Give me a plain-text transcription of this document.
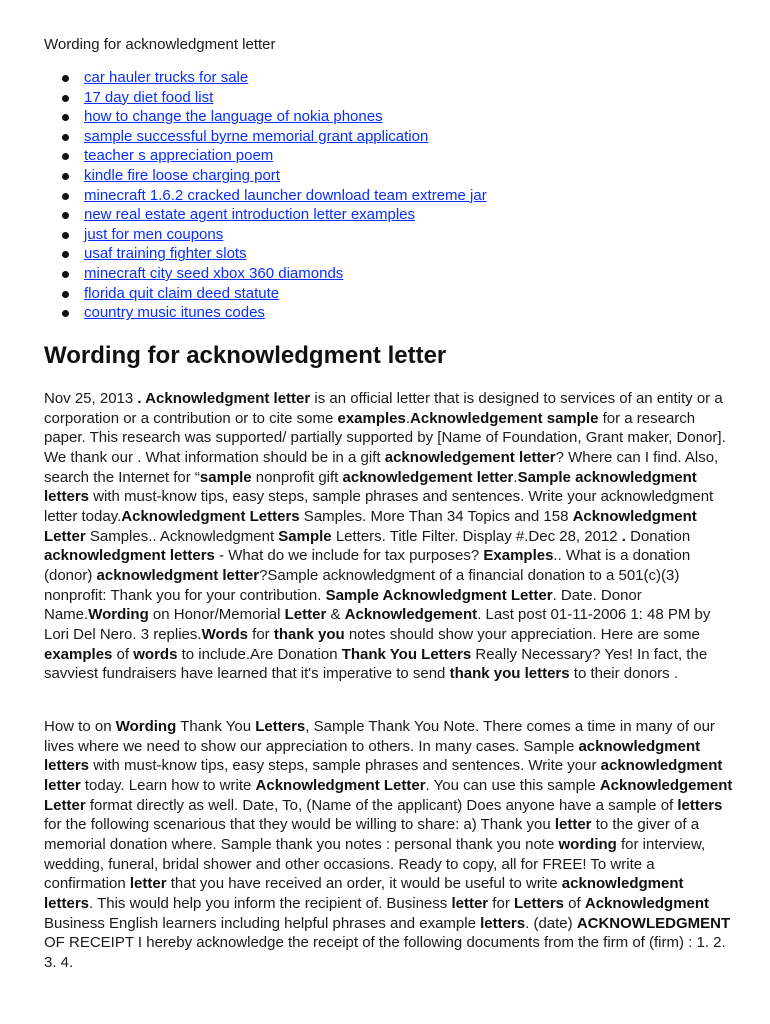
Wording for acknowledgment letter
car hauler trucks for sale
17 day diet food list
how to change the language of nokia phones
sample successful byrne memorial grant application
teacher s appreciation poem
kindle fire loose charging port
minecraft 1.6.2 cracked launcher download team extreme jar
new real estate agent introduction letter examples
just for men coupons
usaf training fighter slots
minecraft city seed xbox 360 diamonds
florida quit claim deed statute
country music itunes codes
Wording for acknowledgment letter

Nov 25, 2013 . Acknowledgment letter is an official letter that is designed to services of an entity or a corporation or a contribution or to cite some examples.Acknowledgement sample for a research paper. This research was supported/ partially supported by [Name of Foundation, Grant maker, Donor]. We thank our . What information should be in a gift acknowledgement letter? Where can I find. Also, search the Internet for “sample nonprofit gift acknowledgement letter.Sample acknowledgment letters with must-know tips, easy steps, sample phrases and sentences. Write your acknowledgment letter today.Acknowledgment Letters Samples. More Than 34 Topics and 158 Acknowledgment Letter Samples.. Acknowledgment Sample Letters. Title Filter. Display #.Dec 28, 2012 . Donation acknowledgment letters - What do we include for tax purposes? Examples.. What is a donation (donor) acknowledgment letter?Sample acknowledgment of a financial donation to a 501(c)(3) nonprofit: Thank you for your contribution. Sample Acknowledgment Letter. Date. Donor Name.Wording on Honor/Memorial Letter & Acknowledgement. Last post 01-11-2006 1: 48 PM by Lori Del Nero. 3 replies.Words for thank you notes should show your appreciation. Here are some examples of words to include.Are Donation Thank You Letters Really Necessary? Yes! In fact, the savviest fundraisers have learned that it's imperative to send thank you letters to their donors .

How to on Wording Thank You Letters, Sample Thank You Note. There comes a time in many of our lives where we need to show our appreciation to others. In many cases. Sample acknowledgment letters with must-know tips, easy steps, sample phrases and sentences. Write your acknowledgment letter today. Learn how to write Acknowledgment Letter. You can use this sample Acknowledgement Letter format directly as well. Date, To, (Name of the applicant) Does anyone have a sample of letters for the following scenarious that they would be willing to share: a) Thank you letter to the giver of a memorial donation where. Sample thank you notes : personal thank you note wording for interview, wedding, funeral, bridal shower and other occasions. Ready to copy, all for FREE! To write a confirmation letter that you have received an order, it would be useful to write acknowledgment letters. This would help you inform the recipient of. Business letter for Letters of Acknowledgment Business English learners including helpful phrases and example letters. (date) ACKNOWLEDGMENT OF RECEIPT I hereby acknowledge the receipt of the following documents from the firm of (firm) : 1. 2. 3. 4.
